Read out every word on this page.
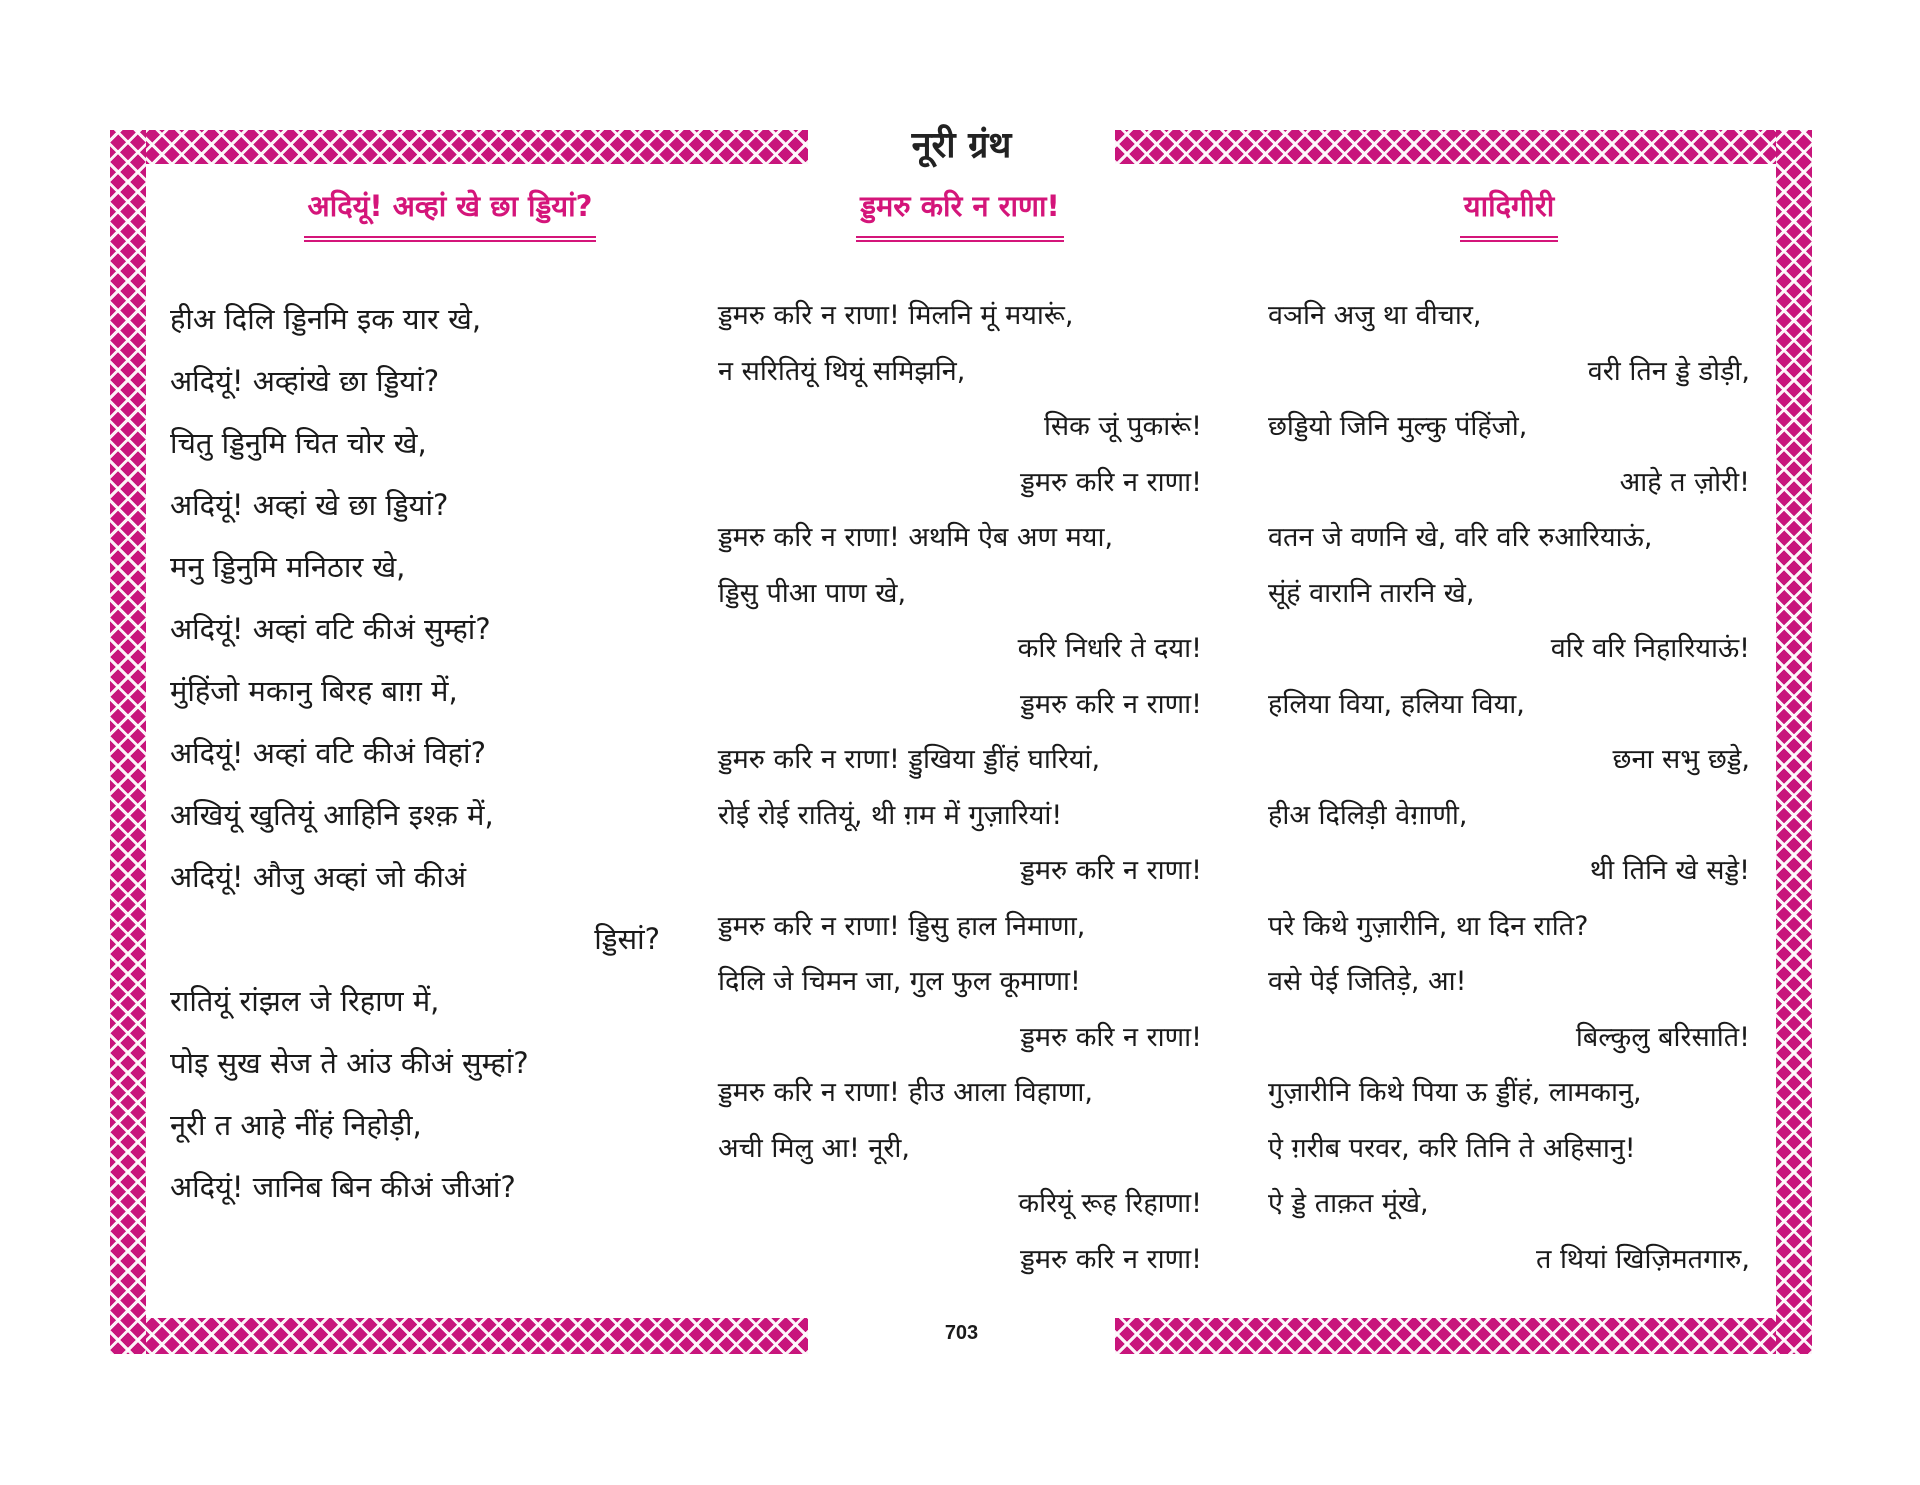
नूरी ग्रंथ
703
अदियूं! अव्हां खे छा ड्डियां?
हीअ दिलि ड्डिनमि इक यार खे,
अदियूं! अव्हांखे छा ड्डियां?
चितु ड्डिनुमि चित चोर खे,
अदियूं! अव्हां खे छा ड्डियां?
मनु ड्डिनुमि मनिठार खे,
अदियूं! अव्हां वटि कीअं सुम्हां?
मुंहिंजो मकानु बिरह बाग़ में,
अदियूं! अव्हां वटि कीअं विहां?
अखियूं खुतियूं आहिनि इश्क़ में,
अदियूं! औजु अव्हां जो कीअं
ड्डिसां?
रातियूं रांझल जे रिहाण में,
पोइ सुख सेज ते आंउ कीअं सुम्हां?
नूरी त आहे नींहं निहोड़ी,
अदियूं! जानिब बिन कीअं जीआं?
ड्डमरु करि न राणा!
ड्डमरु करि न राणा! मिलनि मूं मयारूं,
न सरितियूं थियूं समिझनि,
सिक जूं पुकारूं!
ड्डमरु करि न राणा!
ड्डमरु करि न राणा! अथमि ऐब अण मया,
ड्डिसु पीआ पाण खे,
करि निधरि ते दया!
ड्डमरु करि न राणा!
ड्डमरु करि न राणा! ड्डुखिया ड्डींहं घारियां,
रोई रोई रातियूं, थी ग़म में गुज़ारियां!
ड्डमरु करि न राणा!
ड्डमरु करि न राणा! ड्डिसु हाल निमाणा,
दिलि जे चिमन जा, गुल फुल कूमाणा!
ड्डमरु करि न राणा!
ड्डमरु करि न राणा! हीउ आला विहाणा,
अची मिलु आ! नूरी,
करियूं रूह रिहाणा!
ड्डमरु करि न राणा!
यादिगीरी
वञनि अजु था वीचार,
वरी तिन ड्डे डोड़ी,
छड्डियो जिनि मुल्कु पंहिंजो,
आहे त ज़ोरी!
वतन जे वणनि खे, वरि वरि रुआरियाऊं,
सूंहं वारानि तारनि खे,
वरि वरि निहारियाऊं!
हलिया विया, हलिया विया,
छना सभु छड्डे,
हीअ दिलिड़ी वेग़ाणी,
थी तिनि खे सड्डे!
परे किथे गुज़ारीनि, था दिन राति?
वसे पेई जितिड़े, आ!
बिल्कुलु बरिसाति!
गुज़ारीनि किथे पिया ऊ ड्डींहं, लामकानु,
ऐ ग़रीब परवर, करि तिनि ते अहिसानु!
ऐ ड्डे ताक़त मूंखे,
त थियां खिज़िमतगारु,
